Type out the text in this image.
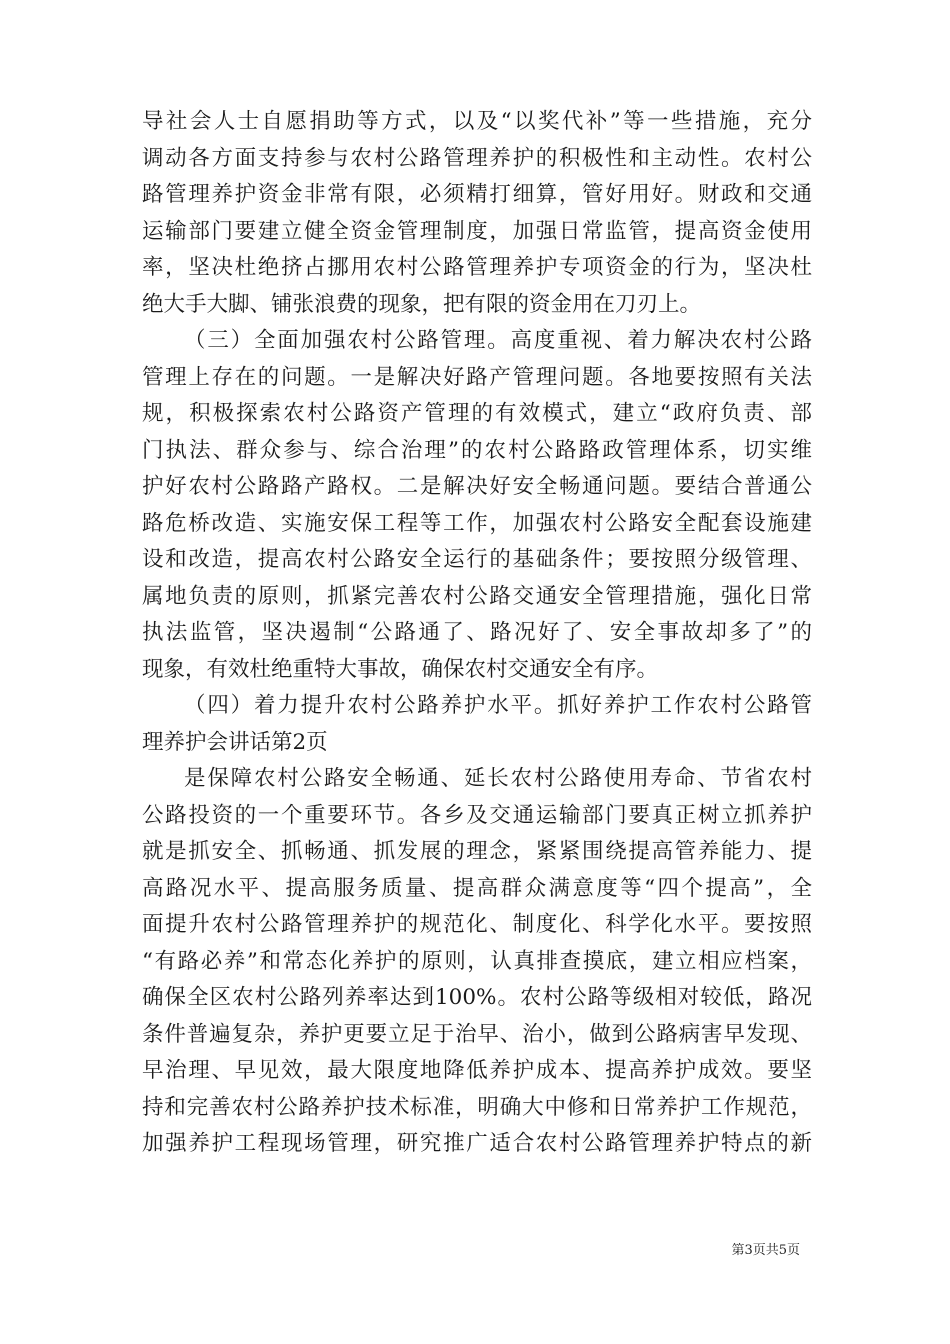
导社会人士自愿捐助等方式，以及“以奖代补”等一些措施，充分
调动各方面支持参与农村公路管理养护的积极性和主动性。农村公
路管理养护资金非常有限，必须精打细算，管好用好。财政和交通
运输部门要建立健全资金管理制度，加强日常监管，提高资金使用
率，坚决杜绝挤占挪用农村公路管理养护专项资金的行为，坚决杜
绝大手大脚、铺张浪费的现象，把有限的资金用在刀刃上。
（三）全面加强农村公路管理。高度重视、着力解决农村公路
管理上存在的问题。一是解决好路产管理问题。各地要按照有关法
规，积极探索农村公路资产管理的有效模式，建立“政府负责、部
门执法、群众参与、综合治理”的农村公路路政管理体系，切实维
护好农村公路路产路权。二是解决好安全畅通问题。要结合普通公
路危桥改造、实施安保工程等工作，加强农村公路安全配套设施建
设和改造，提高农村公路安全运行的基础条件；要按照分级管理、
属地负责的原则，抓紧完善农村公路交通安全管理措施，强化日常
执法监管，坚决遏制“公路通了、路况好了、安全事故却多了”的
现象，有效杜绝重特大事故，确保农村交通安全有序。
（四）着力提升农村公路养护水平。抓好养护工作农村公路管
理养护会讲话第2页
是保障农村公路安全畅通、延长农村公路使用寿命、节省农村
公路投资的一个重要环节。各乡及交通运输部门要真正树立抓养护
就是抓安全、抓畅通、抓发展的理念，紧紧围绕提高管养能力、提
高路况水平、提高服务质量、提高群众满意度等“四个提高”，全
面提升农村公路管理养护的规范化、制度化、科学化水平。要按照
“有路必养”和常态化养护的原则，认真排查摸底，建立相应档案，
确保全区农村公路列养率达到100%。农村公路等级相对较低，路况
条件普遍复杂，养护更要立足于治早、治小，做到公路病害早发现、
早治理、早见效，最大限度地降低养护成本、提高养护成效。要坚
持和完善农村公路养护技术标准，明确大中修和日常养护工作规范，
加强养护工程现场管理，研究推广适合农村公路管理养护特点的新
第3页共5页
